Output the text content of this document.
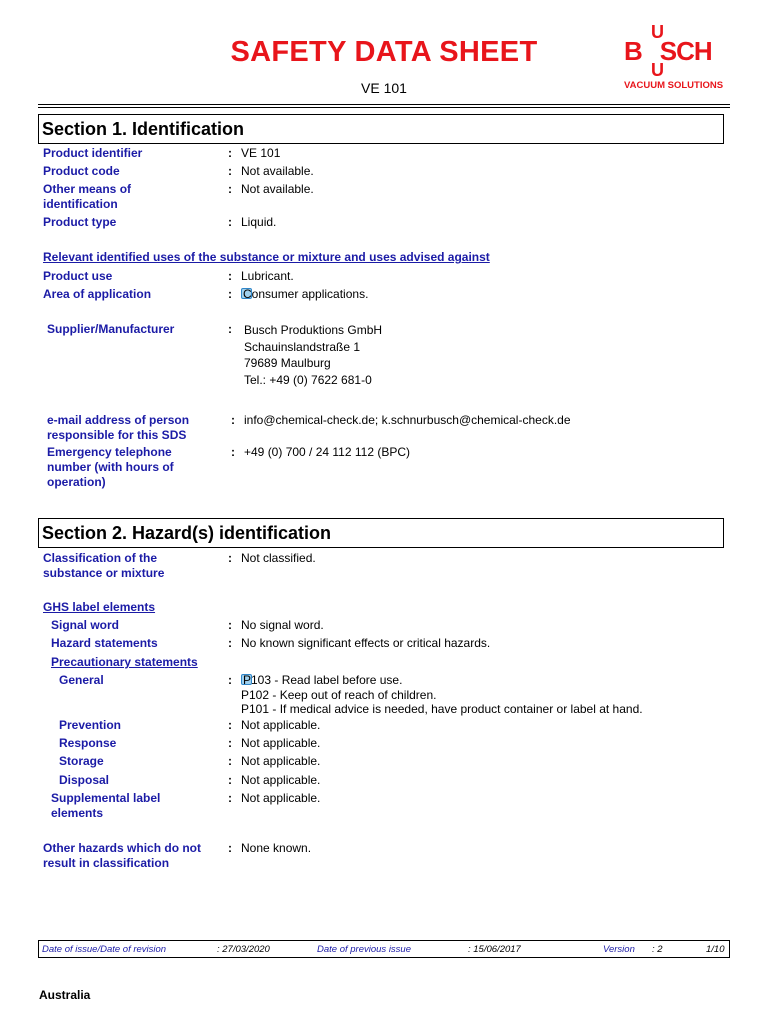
SAFETY DATA SHEET
VE 101
U
B SCH
U
VACUUM SOLUTIONS
Section 1. Identification
Product identifier	: VE 101
Product code	: Not available.
Other means of
identification
: Not available.
Product type	: Liquid.
Relevant identified uses of the substance or mixture and uses advised against
Product use	: Lubricant.
Area of application	: Consumer applications.
Supplier/Manufacturer	: Busch Produktions GmbH
Schauinslandstraße 1
79689 Maulburg
Tel.: +49 (0) 7622 681-0
e-mail address of person
responsible for this SDS
: info@chemical-check.de; k.schnurbusch@chemical-check.de
Emergency telephone
number (with hours of
operation)
: +49 (0) 700 / 24 112 112 (BPC)
Section 2. Hazard(s) identification
Classification of the
substance or mixture
: Not classified.
GHS label elements
Signal word	: No signal word.
Hazard statements	: No known significant effects or critical hazards.
Precautionary statements
General	: P103 - Read label before use.
P102 - Keep out of reach of children.
P101 - If medical advice is needed, have product container or label at hand.
Prevention	: Not applicable.
Response	: Not applicable.
Storage	: Not applicable.
Disposal	: Not applicable.
Supplemental label
elements
: Not applicable.
Other hazards which do not
result in classification
: None known.
Date of issue/Date of revision	: 27/03/2020	Date of previous issue	: 15/06/2017	Version : 2	1/10
Australia
